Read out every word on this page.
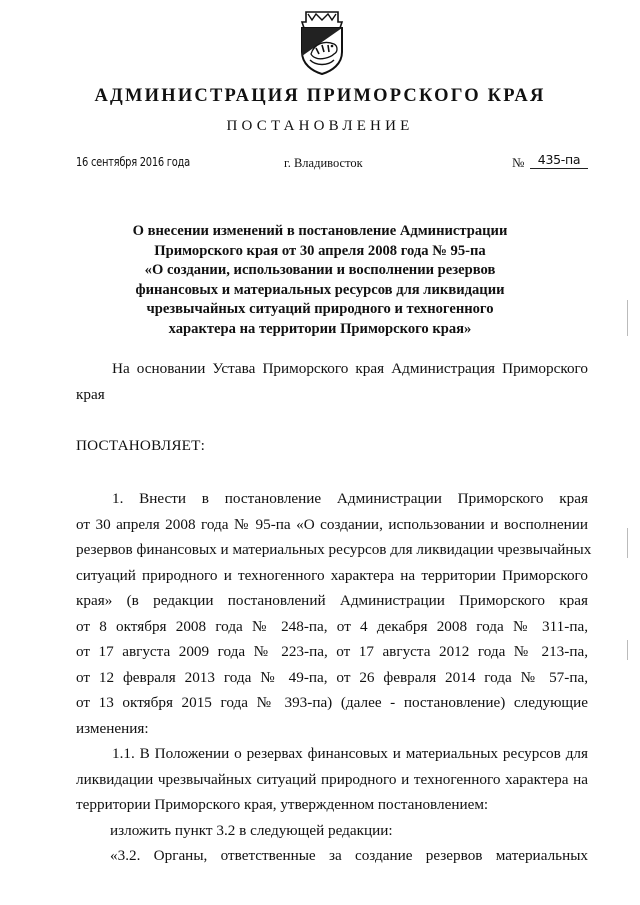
АДМИНИСТРАЦИЯ ПРИМОРСКОГО КРАЯ
ПОСТАНОВЛЕНИЕ
16 сентября 2016 года	г. Владивосток	№	435-па
О внесении изменений в постановление Администрации
Приморского края от 30 апреля 2008 года № 95-па
«О создании, использовании и восполнении резервов
финансовых и материальных ресурсов для ликвидации
чрезвычайных ситуаций природного и техногенного
характера на территории Приморского края»
На основании Устава Приморского края Администрация Приморского
края
ПОСТАНОВЛЯЕТ:
1. Внести в постановление Администрации Приморского края
от 30 апреля 2008 года № 95-па «О создании, использовании и восполнении
резервов финансовых и материальных ресурсов для ликвидации чрезвычайных
ситуаций природного и техногенного характера на территории Приморского
края» (в редакции постановлений Администрации Приморского края
от 8 октября 2008 года № 248-па, от 4 декабря 2008 года № 311-па,
от 17 августа 2009 года № 223-па, от 17 августа 2012 года № 213-па,
от 12 февраля 2013 года № 49-па, от 26 февраля 2014 года № 57-па,
от 13 октября 2015 года № 393-па) (далее - постановление) следующие
изменения:
1.1. В Положении о резервах финансовых и материальных ресурсов для
ликвидации чрезвычайных ситуаций природного и техногенного характера на
территории Приморского края, утвержденном постановлением:
изложить пункт 3.2 в следующей редакции:
«3.2. Органы, ответственные за создание резервов материальных
